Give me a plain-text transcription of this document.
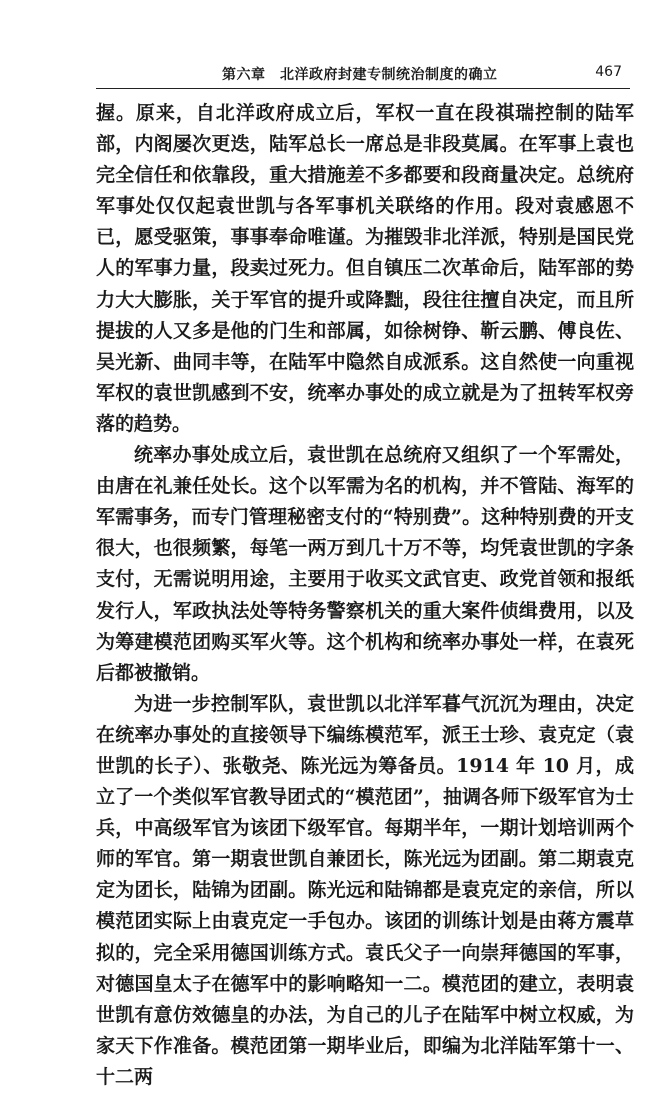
第六章　北洋政府封建专制统治制度的确立	467

握。原来，自北洋政府成立后，军权一直在段祺瑞控制的陆军部，内阁屡次更迭，陆军总长一席总是非段莫属。在军事上袁也完全信任和依靠段，重大措施差不多都要和段商量决定。总统府军事处仅仅起袁世凯与各军事机关联络的作用。段对袁感恩不已，愿受驱策，事事奉命唯谨。为摧毁非北洋派，特别是国民党人的军事力量，段卖过死力。但自镇压二次革命后，陆军部的势力大大膨胀，关于军官的提升或降黜，段往往擅自决定，而且所提拔的人又多是他的门生和部属，如徐树铮、靳云鹏、傅良佐、吴光新、曲同丰等，在陆军中隐然自成派系。这自然使一向重视军权的袁世凯感到不安，统率办事处的成立就是为了扭转军权旁落的趋势。

统率办事处成立后，袁世凯在总统府又组织了一个军需处，由唐在礼兼任处长。这个以军需为名的机构，并不管陆、海军的军需事务，而专门管理秘密支付的“特别费”。这种特别费的开支很大，也很频繁，每笔一两万到几十万不等，均凭袁世凯的字条支付，无需说明用途，主要用于收买文武官吏、政党首领和报纸发行人，军政执法处等特务警察机关的重大案件侦缉费用，以及为筹建模范团购买军火等。这个机构和统率办事处一样，在袁死后都被撤销。

为进一步控制军队，袁世凯以北洋军暮气沉沉为理由，决定在统率办事处的直接领导下编练模范军，派王士珍、袁克定（袁世凯的长子）、张敬尧、陈光远为筹备员。1914 年 10 月，成立了一个类似军官教导团式的“模范团”，抽调各师下级军官为士兵，中高级军官为该团下级军官。每期半年，一期计划培训两个师的军官。第一期袁世凯自兼团长，陈光远为团副。第二期袁克定为团长，陆锦为团副。陈光远和陆锦都是袁克定的亲信，所以模范团实际上由袁克定一手包办。该团的训练计划是由蒋方震草拟的，完全采用德国训练方式。袁氏父子一向崇拜德国的军事，对德国皇太子在德军中的影响略知一二。模范团的建立，表明袁世凯有意仿效德皇的办法，为自己的儿子在陆军中树立权威，为家天下作准备。模范团第一期毕业后，即编为北洋陆军第十一、十二两
